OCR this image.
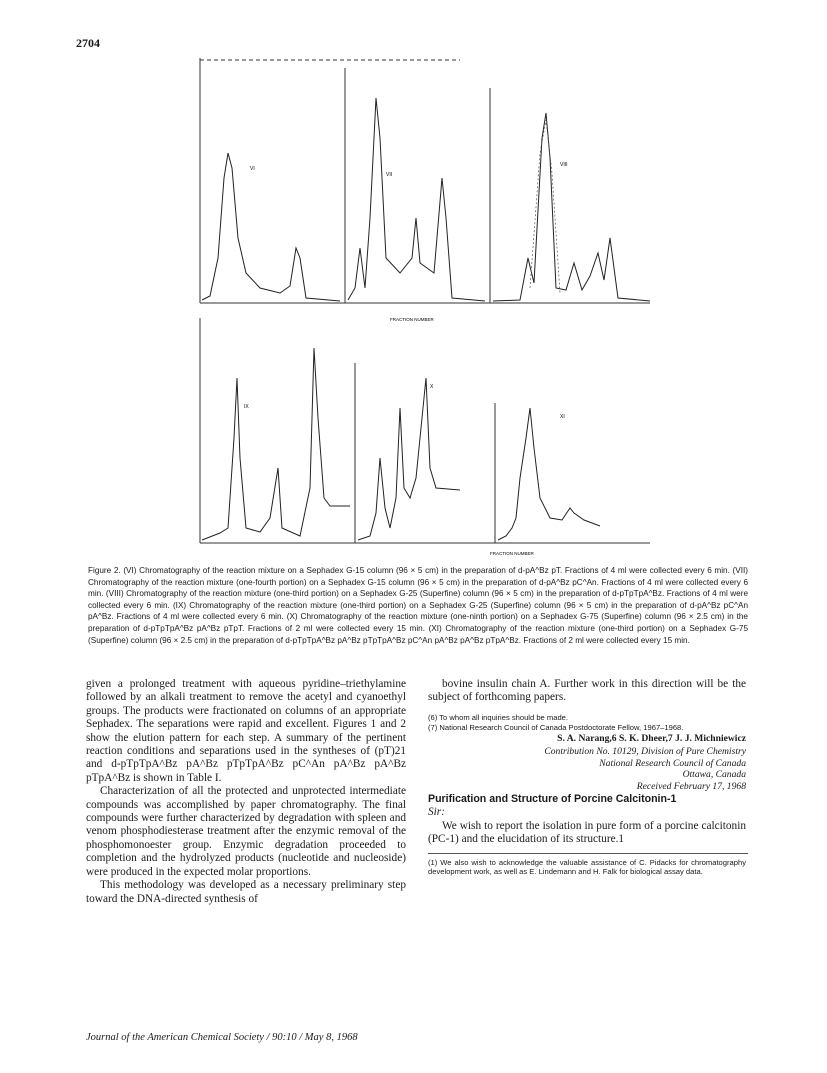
2704
VI
VII
VIII
FRACTION NUMBER
IX
X
XI
FRACTION NUMBER
Figure 2. (VI) Chromatography of the reaction mixture on a Sephadex G-15 column (96 × 5 cm) in the preparation of d-pA^Bz pT. Fractions of 4 ml were collected every 6 min. (VII) Chromatography of the reaction mixture (one-fourth portion) on a Sephadex G-15 column (96 × 5 cm) in the preparation of d-pA^Bz pC^An. Fractions of 4 ml were collected every 6 min. (VIII) Chromatography of the reaction mixture (one-third portion) on a Sephadex G-25 (Superfine) column (96 × 5 cm) in the preparation of d-pTpTpA^Bz. Fractions of 4 ml were collected every 6 min. (IX) Chromatography of the reaction mixture (one-third portion) on a Sephadex G-25 (Superfine) column (96 × 5 cm) in the preparation of d-pA^Bz pC^An pA^Bz. Fractions of 4 ml were collected every 6 min. (X) Chromatography of the reaction mixture (one-ninth portion) on a Sephadex G-75 (Superfine) column (96 × 2.5 cm) in the preparation of d-pTpTpA^Bz pA^Bz pTpT. Fractions of 2 ml were collected every 15 min. (XI) Chromatography of the reaction mixture (one-third portion) on a Sephadex G-75 (Superfine) column (96 × 2.5 cm) in the preparation of d-pTpTpA^Bz pA^Bz pTpTpA^Bz pC^An pA^Bz pA^Bz pTpA^Bz. Fractions of 2 ml were collected every 15 min.

given a prolonged treatment with aqueous pyridine–triethylamine followed by an alkali treatment to remove the acetyl and cyanoethyl groups. The products were fractionated on columns of an appropriate Sephadex. The separations were rapid and excellent. Figures 1 and 2 show the elution pattern for each step. A summary of the pertinent reaction conditions and separations used in the syntheses of (pT)21 and d-pTpTpA^Bz pA^Bz pTpTpA^Bz pC^An pA^Bz pA^Bz pTpA^Bz is shown in Table I.

Characterization of all the protected and unprotected intermediate compounds was accomplished by paper chromatography. The final compounds were further characterized by degradation with spleen and venom phosphodiesterase treatment after the enzymic removal of the phosphomonoester group. Enzymic degradation proceeded to completion and the hydrolyzed products (nucleotide and nucleoside) were produced in the expected molar proportions.

This methodology was developed as a necessary preliminary step toward the DNA-directed synthesis of

bovine insulin chain A. Further work in this direction will be the subject of forthcoming papers.

(6) To whom all inquiries should be made.

(7) National Research Council of Canada Postdoctorate Fellow, 1967–1968.

S. A. Narang,6 S. K. Dheer,7 J. J. Michniewicz

Contribution No. 10129, Division of Pure Chemistry

National Research Council of Canada

Ottawa, Canada

Received February 17, 1968

Purification and Structure of Porcine Calcitonin-1

Sir:

We wish to report the isolation in pure form of a porcine calcitonin (PC-1) and the elucidation of its structure.1

(1) We also wish to acknowledge the valuable assistance of C. Pidacks for chromatography development work, as well as E. Lindemann and H. Falk for biological assay data.

Journal of the American Chemical Society / 90:10 / May 8, 1968
